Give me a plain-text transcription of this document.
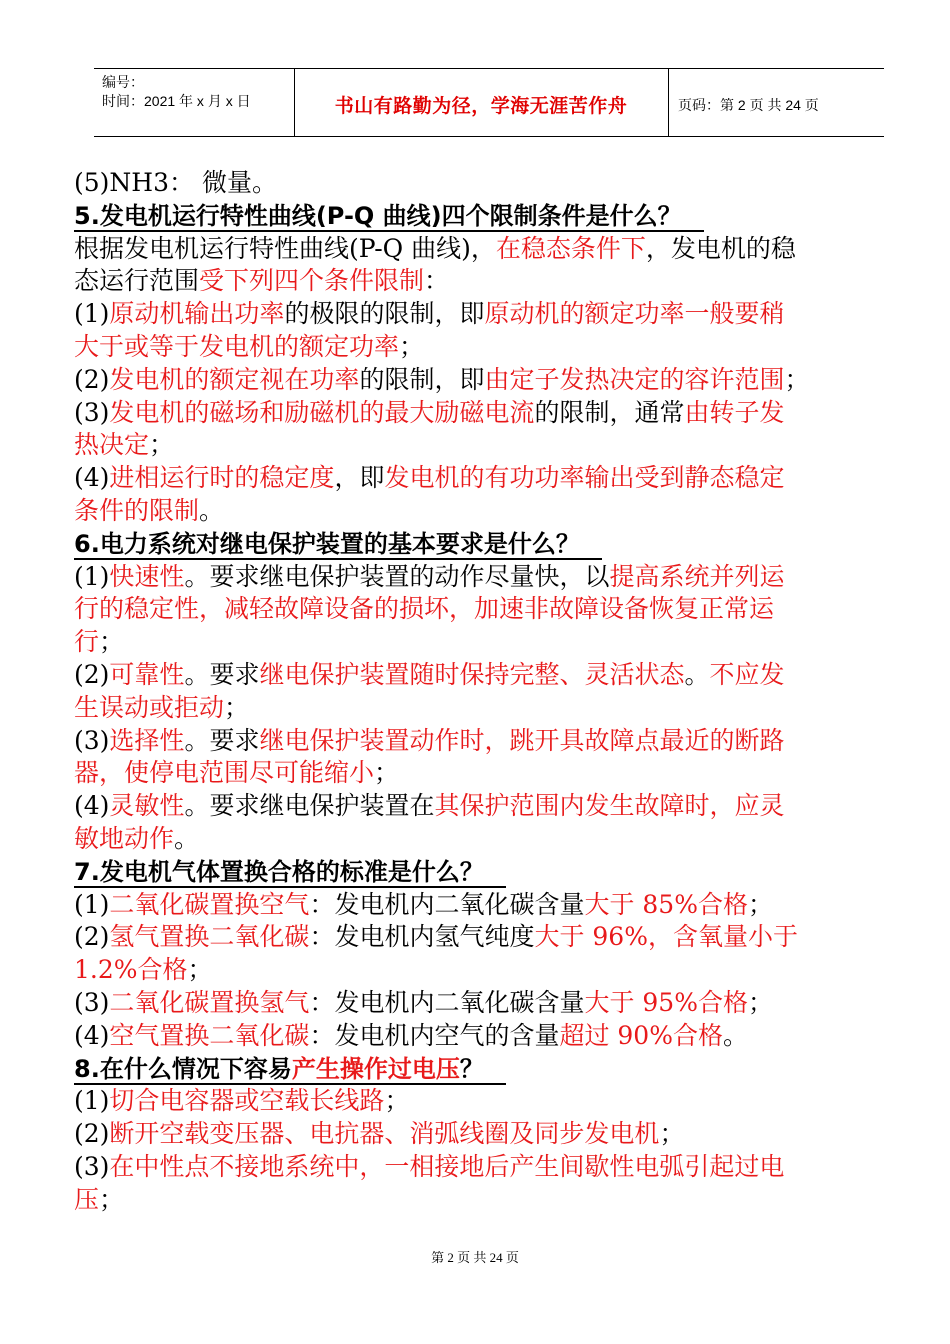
编号：
时间：2021 年 x 月 x 日	书山有路勤为径，学海无涯苦作舟	页码：第 2 页 共 24 页
(5)NH3： 微量。
5.发电机运行特性曲线(P-Q 曲线)四个限制条件是什么？
根据发电机运行特性曲线(P-Q 曲线)，在稳态条件下，发电机的稳
态运行范围受下列四个条件限制：
(1)原动机输出功率的极限的限制，即原动机的额定功率一般要稍
大于或等于发电机的额定功率；
(2)发电机的额定视在功率的限制，即由定子发热决定的容许范围；
(3)发电机的磁场和励磁机的最大励磁电流的限制，通常由转子发
热决定；
(4)进相运行时的稳定度，即发电机的有功功率输出受到静态稳定
条件的限制。
6.电力系统对继电保护装置的基本要求是什么？
(1)快速性。要求继电保护装置的动作尽量快，以提高系统并列运
行的稳定性，减轻故障设备的损坏，加速非故障设备恢复正常运
行；
(2)可靠性。要求继电保护装置随时保持完整、灵活状态。不应发
生误动或拒动；
(3)选择性。要求继电保护装置动作时，跳开具故障点最近的断路
器，使停电范围尽可能缩小；
(4)灵敏性。要求继电保护装置在其保护范围内发生故障时，应灵
敏地动作。
7.发电机气体置换合格的标准是什么？
(1)二氧化碳置换空气：发电机内二氧化碳含量大于 85%合格；
(2)氢气置换二氧化碳：发电机内氢气纯度大于 96%，含氧量小于
1.2%合格；
(3)二氧化碳置换氢气：发电机内二氧化碳含量大于 95%合格；
(4)空气置换二氧化碳：发电机内空气的含量超过 90%合格。
8.在什么情况下容易产生操作过电压？
(1)切合电容器或空载长线路；
(2)断开空载变压器、电抗器、消弧线圈及同步发电机；
(3)在中性点不接地系统中，一相接地后产生间歇性电弧引起过电
压；
第 2 页 共 24 页
